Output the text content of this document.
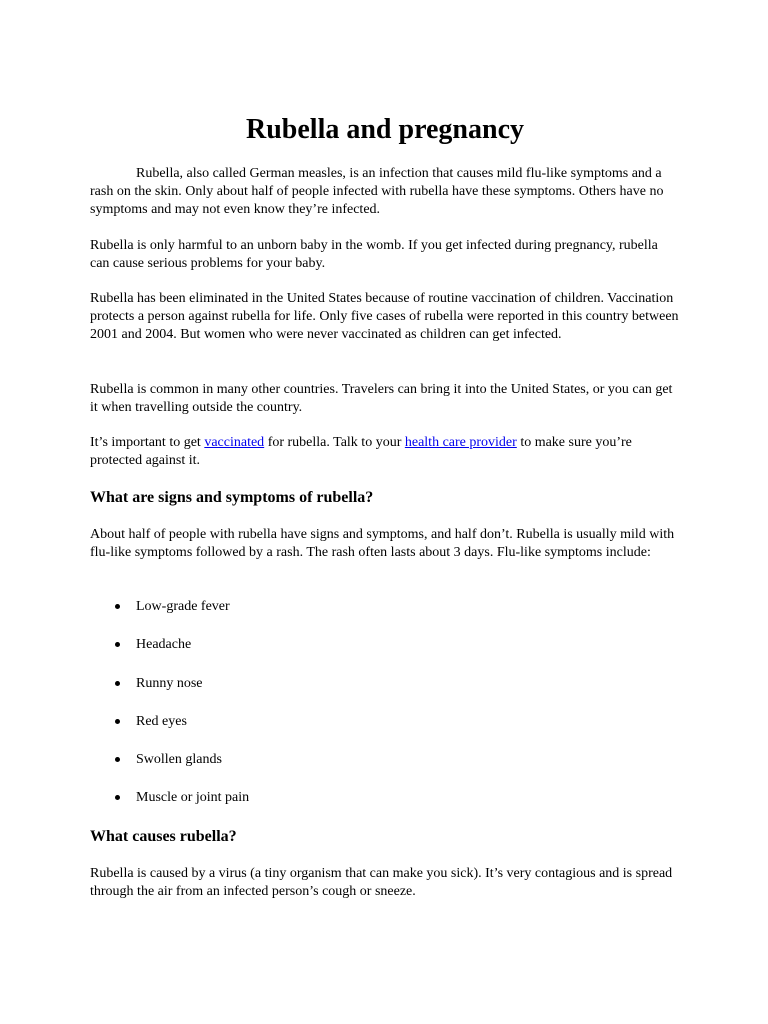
Rubella and pregnancy

Rubella, also called German measles, is an infection that causes mild flu-like symptoms and a rash on the skin. Only about half of people infected with rubella have these symptoms. Others have no symptoms and may not even know they’re infected.

Rubella is only harmful to an unborn baby in the womb. If you get infected during pregnancy, rubella can cause serious problems for your baby.

Rubella has been eliminated in the United States because of routine vaccination of children. Vaccination protects a person against rubella for life. Only five cases of rubella were reported in this country between 2001 and 2004. But women who were never vaccinated as children can get infected.

Rubella is common in many other countries. Travelers can bring it into the United States, or you can get it when travelling outside the country.

It’s important to get vaccinated for rubella. Talk to your health care provider to make sure you’re protected against it.

What are signs and symptoms of rubella?

About half of people with rubella have signs and symptoms, and half don’t. Rubella is usually mild with flu-like symptoms followed by a rash. The rash often lasts about 3 days. Flu-like symptoms include:

Low-grade fever
Headache
Runny nose
Red eyes
Swollen glands
Muscle or joint pain
What causes rubella?

Rubella is caused by a virus (a tiny organism that can make you sick). It’s very contagious and is spread through the air from an infected person’s cough or sneeze.
